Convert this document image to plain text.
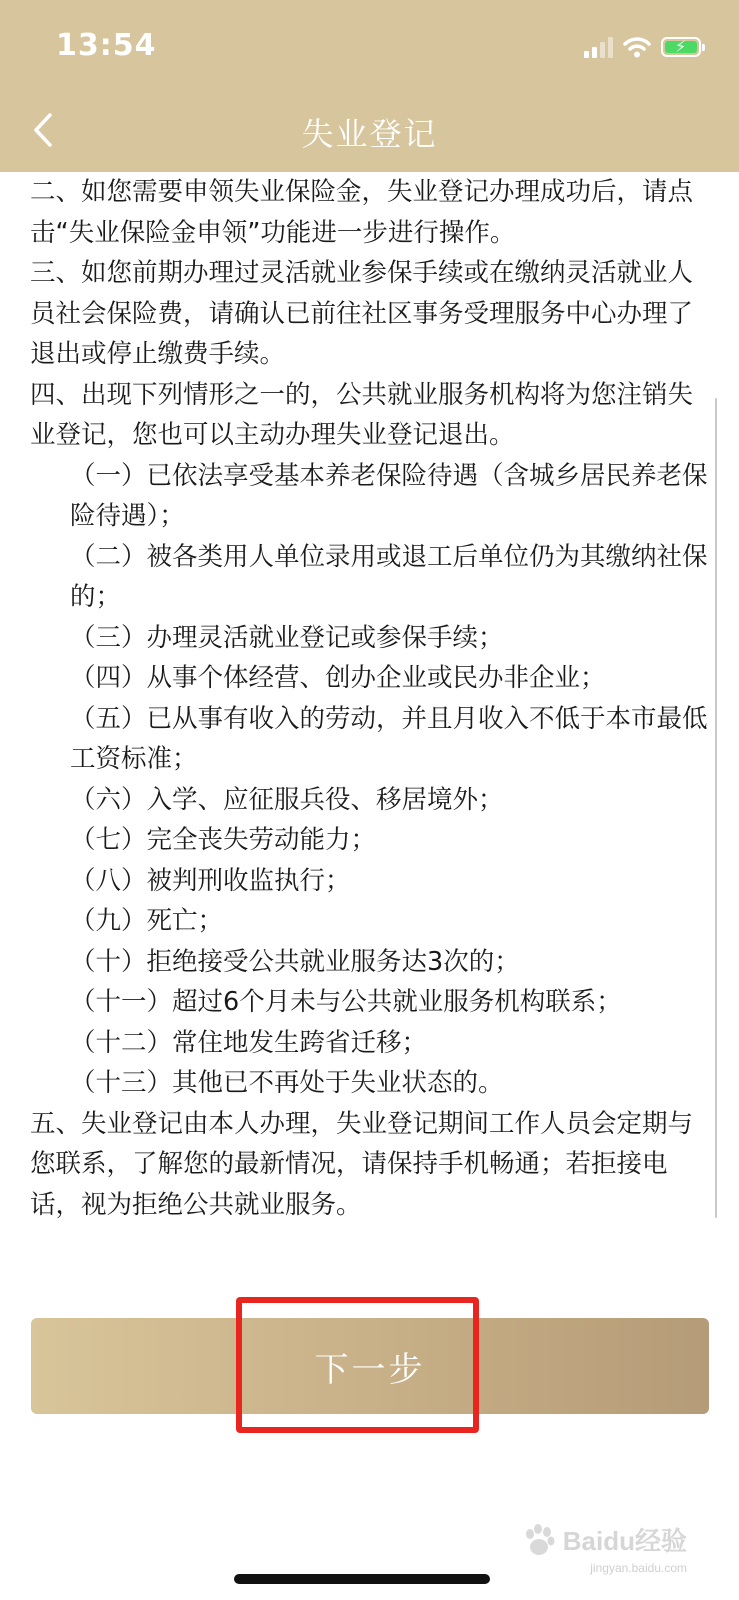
13:54	⚡
失业登记

二、如您需要申领失业保险金，失业登记办理成功后，请点击“失业保险金申领”功能进一步进行操作。

三、如您前期办理过灵活就业参保手续或在缴纳灵活就业人员社会保险费，请确认已前往社区事务受理服务中心办理了退出或停止缴费手续。

四、出现下列情形之一的，公共就业服务机构将为您注销失业登记，您也可以主动办理失业登记退出。

（一）已依法享受基本养老保险待遇（含城乡居民养老保险待遇）；

（二）被各类用人单位录用或退工后单位仍为其缴纳社保的；

（三）办理灵活就业登记或参保手续；

（四）从事个体经营、创办企业或民办非企业；

（五）已从事有收入的劳动，并且月收入不低于本市最低工资标准；

（六）入学、应征服兵役、移居境外；

（七）完全丧失劳动能力；

（八）被判刑收监执行；

（九）死亡；

（十）拒绝接受公共就业服务达3次的；

（十一）超过6个月未与公共就业服务机构联系；

（十二）常住地发生跨省迁移；

（十三）其他已不再处于失业状态的。

五、失业登记由本人办理，失业登记期间工作人员会定期与您联系，了解您的最新情况，请保持手机畅通；若拒接电话，视为拒绝公共就业服务。

下一步
Baidu经验
jingyan.baidu.com
